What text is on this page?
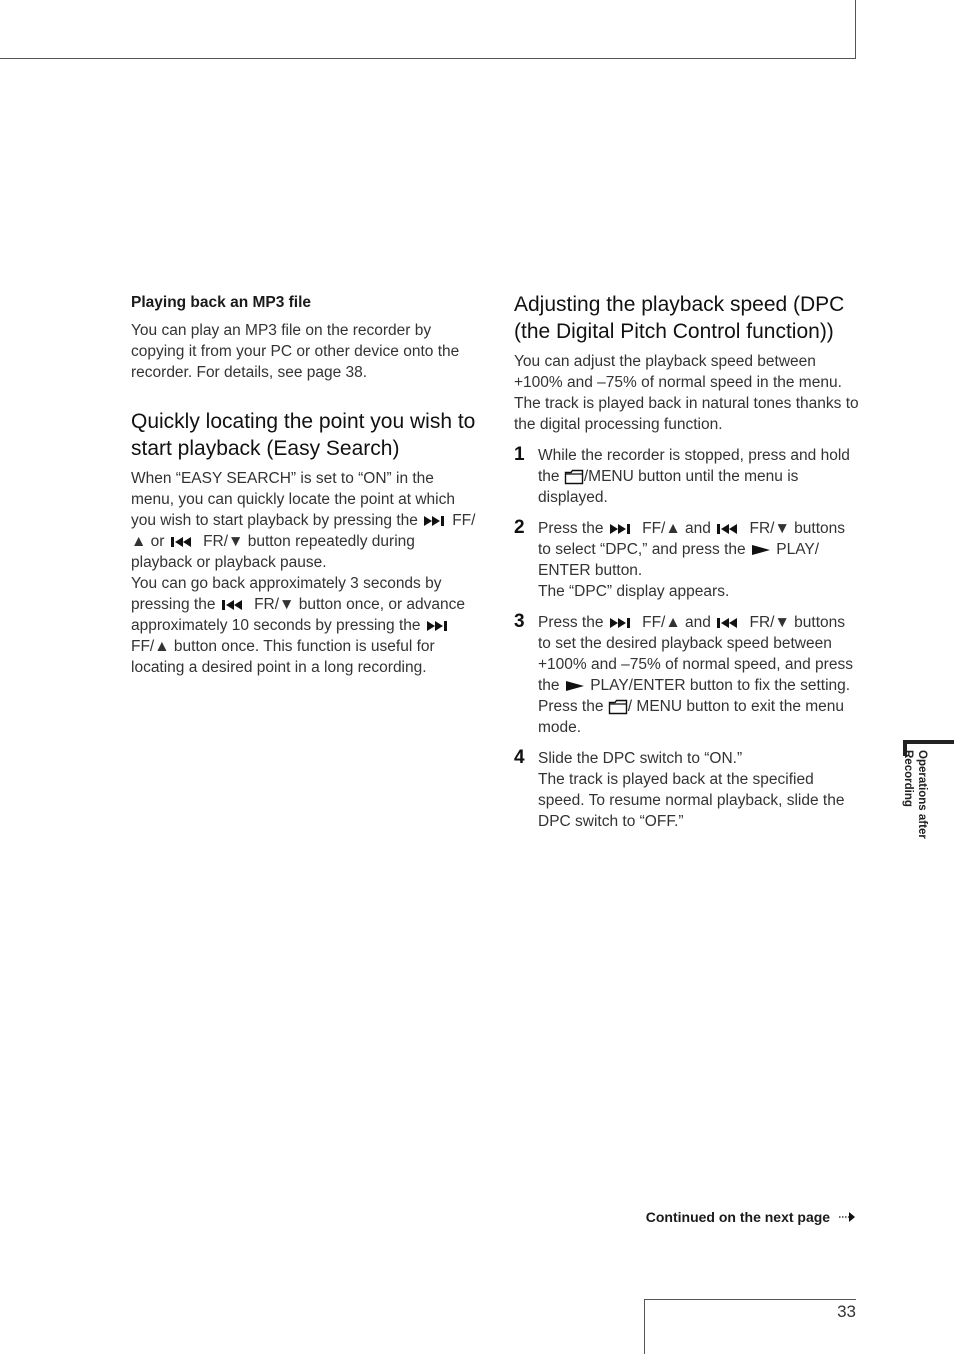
Playing back an MP3 file

You can play an MP3 file on the recorder by copying it from your PC or other device onto the recorder. For details, see page 38.

Quickly locating the point you wish to start playback (Easy Search)

When “EASY SEARCH” is set to “ON” in the menu, you can quickly locate the point at which you wish to start playback by pressing the FF/▲ or FR/▼ button repeatedly during playback or playback pause.

You can go back approximately 3 seconds by pressing the FR/▼ button once, or advance approximately 10 seconds by pressing the
FF/▲ button once. This function is useful for locating a desired point in a long recording.

Adjusting the playback speed (DPC (the Digital Pitch Control function))

You can adjust the playback speed between +100% and –75% of normal speed in the menu. The track is played back in natural tones thanks to the digital processing function.

1 While the recorder is stopped, press and hold the /MENU button until the menu is displayed.
2 Press the FF/▲ and FR/▼ buttons to select “DPC,” and press the PLAY/ ENTER button.
The “DPC” display appears.
3 Press the FF/▲ and FR/▼ buttons to set the desired playback speed between +100% and –75% of normal speed, and press the PLAY/ENTER button to fix the setting. Press the / MENU button to exit the menu mode.
4 Slide the DPC switch to “ON.”
The track is played back at the specified speed. To resume normal playback, slide the DPC switch to “OFF.”	Operations after
Recording
Continued on the next page
33
